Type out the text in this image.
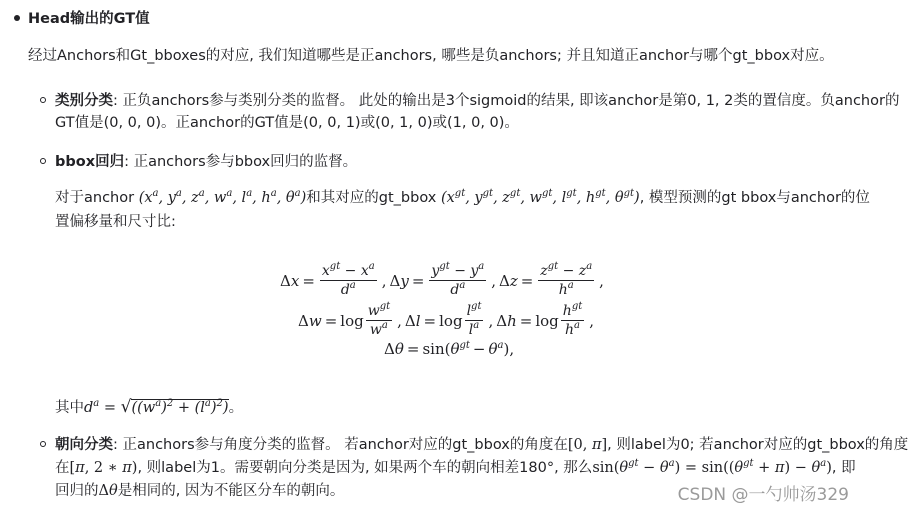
Head输出的GT值
经过Anchors和Gt_bboxes的对应, 我们知道哪些是正anchors, 哪些是负anchors; 并且知道正anchor与哪个gt_bbox对应。
类别分类: 正负anchors参与类别分类的监督。 此处的输出是3个sigmoid的结果, 即该anchor是第0, 1, 2类的置信度。负anchor的
GT值是(0, 0, 0)。正anchor的GT值是(0, 0, 1)或(0, 1, 0)或(1, 0, 0)。
bbox回归: 正anchors参与bbox回归的监督。
对于anchor ($x^a$, $y^a$, $z^a$, $w^a$, $l^a$, $h^a$, $\theta^a$)和其对应的gt_bbox ($x^{gt}$, $y^{gt}$, $z^{gt}$, $w^{gt}$, $l^{gt}$, $h^{gt}$, $\theta^{gt}$), 模型预测的gt bbox与anchor的位
置偏移量和尺寸比:
Δ $x = \frac{x^{gt} - x^a}{d^a}$ , Δ $y = \frac{y^{gt} - y^a}{d^a}$ , Δ $z = \frac{z^{gt} - z^a}{h^a}$ ,
Δ $w = \log \frac{w^{gt}}{w^a}$ , Δ $l = \log \frac{l^{gt}}{l^a}$ , Δ $h = \log \frac{h^{gt}}{h^a}$ ,
Δ θ = sin( $\theta^{gt} - \theta^a$ ),
其中$d^a = √((w^a)^2 + (l^a)^2)$。
朝向分类: 正anchors参与角度分类的监督。 若anchor对应的gt_bbox的角度在[0, π], 则label为0; 若anchor对应的gt_bbox的角度
在[π, 2 ∗ π), 则label为1。需要朝向分类是因为, 如果两个车的朝向相差180°, 那么$\sin(\theta^{gt} - \theta^a) = \sin((\theta^{gt} + \pi) - \theta^a)$, 即
回归的Δθ是相同的, 因为不能区分车的朝向。	CSDN @一勺帅汤329
